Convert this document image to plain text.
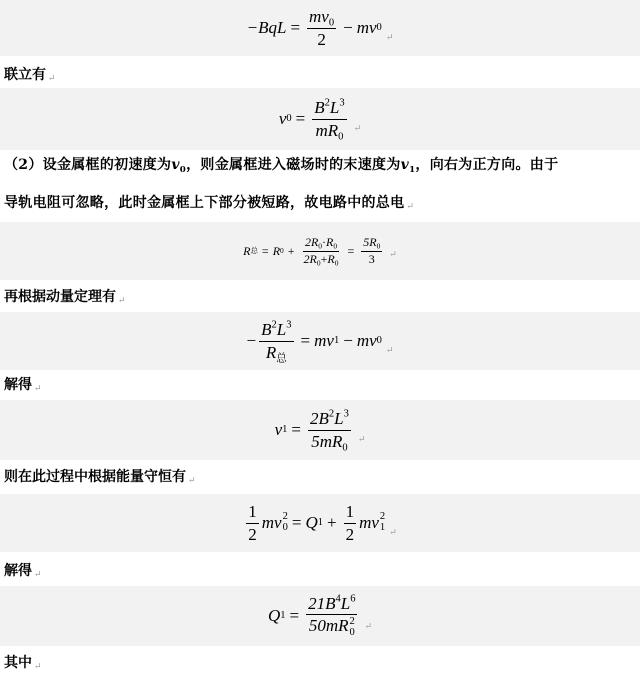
$-BqL = \frac{mv_0}{2}$ − mv 0
↵
联立有 ↵
v $0 = \frac{B^2L^3}{mR_0}$ ↵
（2）设金属框的初速度为$v_0$，则金属框进入磁场时的末速度为$v_1$，向右为正方向。由于
导轨电阻可忽略，此时金属框上下部分被短路，故电路中的总电 ↵
R 总 = R $0 + \frac{2R_0\cdot R_0}{2R_0+R_0} = \frac{5R_0}{3}$ ↵
再根据动量定理有 ↵
− $\frac{B^2L^3}{R_总}$ = mv 1 − mv 0
↵
解得 ↵
v $1 = \frac{2B^2L^3}{5mR_0}$ ↵
则在此过程中根据能量守恒有 ↵
$\frac{1}{2}$ mv 2
0 = Q $1 + \frac{1}{2}$ mv 2
1 ↵
解得 ↵
Q $1 = 21B^4L^6$
50mR 2
0 ↵
其中 ↵
